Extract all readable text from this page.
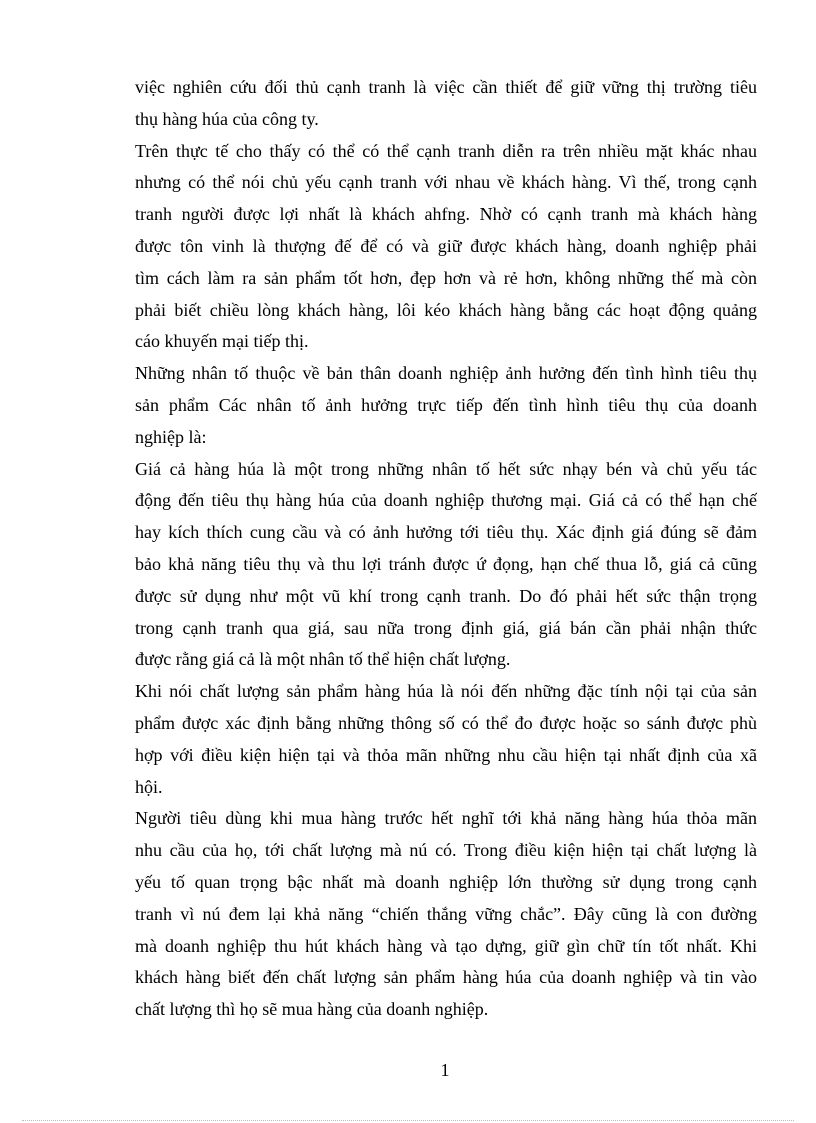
việc nghiên cứu đối thủ cạnh tranh là việc cần thiết để giữ vững thị trường tiêu
thụ hàng húa của công ty.
Trên thực tế cho thấy có thể có thể cạnh tranh diễn ra trên nhiều mặt khác nhau
nhưng có thể nói chủ yếu cạnh tranh với nhau về khách hàng. Vì thế, trong cạnh
tranh người được lợi nhất là khách ahfng. Nhờ có cạnh tranh mà khách hàng
được tôn vinh là thượng đế để có và giữ được khách hàng, doanh nghiệp phải
tìm cách làm ra sản phẩm tốt hơn, đẹp hơn và rẻ hơn, không những thế mà còn
phải biết chiều lòng khách hàng, lôi kéo khách hàng bằng các hoạt động quảng
cáo khuyến mại tiếp thị.
Những nhân tố thuộc về bản thân doanh nghiệp ảnh hưởng đến tình hình tiêu thụ
sản phẩm Các nhân tố ảnh hưởng trực tiếp đến tình hình tiêu thụ của doanh
nghiệp là:
Giá cả hàng húa là một trong những nhân tố hết sức nhạy bén và chủ yếu tác
động đến tiêu thụ hàng húa của doanh nghiệp thương mại. Giá cả có thể hạn chế
hay kích thích cung cầu và có ảnh hưởng tới tiêu thụ. Xác định giá đúng sẽ đảm
bảo khả năng tiêu thụ và thu lợi tránh được ứ đọng, hạn chế thua lỗ, giá cả cũng
được sử dụng như một vũ khí trong cạnh tranh. Do đó phải hết sức thận trọng
trong cạnh tranh qua giá, sau nữa trong định giá, giá bán cần phải nhận thức
được rằng giá cả là một nhân tố thể hiện chất lượng.
Khi nói chất lượng sản phẩm hàng húa là nói đến những đặc tính nội tại của sản
phẩm được xác định bằng những thông số có thể đo được hoặc so sánh được phù
hợp với điều kiện hiện tại và thỏa mãn những nhu cầu hiện tại nhất định của xã
hội.
Người tiêu dùng khi mua hàng trước hết nghĩ tới khả năng hàng húa thỏa mãn
nhu cầu của họ, tới chất lượng mà nú có. Trong điều kiện hiện tại chất lượng là
yếu tố quan trọng bậc nhất mà doanh nghiệp lớn thường sử dụng trong cạnh
tranh vì nú đem lại khả năng “chiến thắng vững chắc”. Đây cũng là con đường
mà doanh nghiệp thu hút khách hàng và tạo dựng, giữ gìn chữ tín tốt nhất. Khi
khách hàng biết đến chất lượng sản phẩm hàng húa của doanh nghiệp và tin vào
chất lượng thì họ sẽ mua hàng của doanh nghiệp.
1
